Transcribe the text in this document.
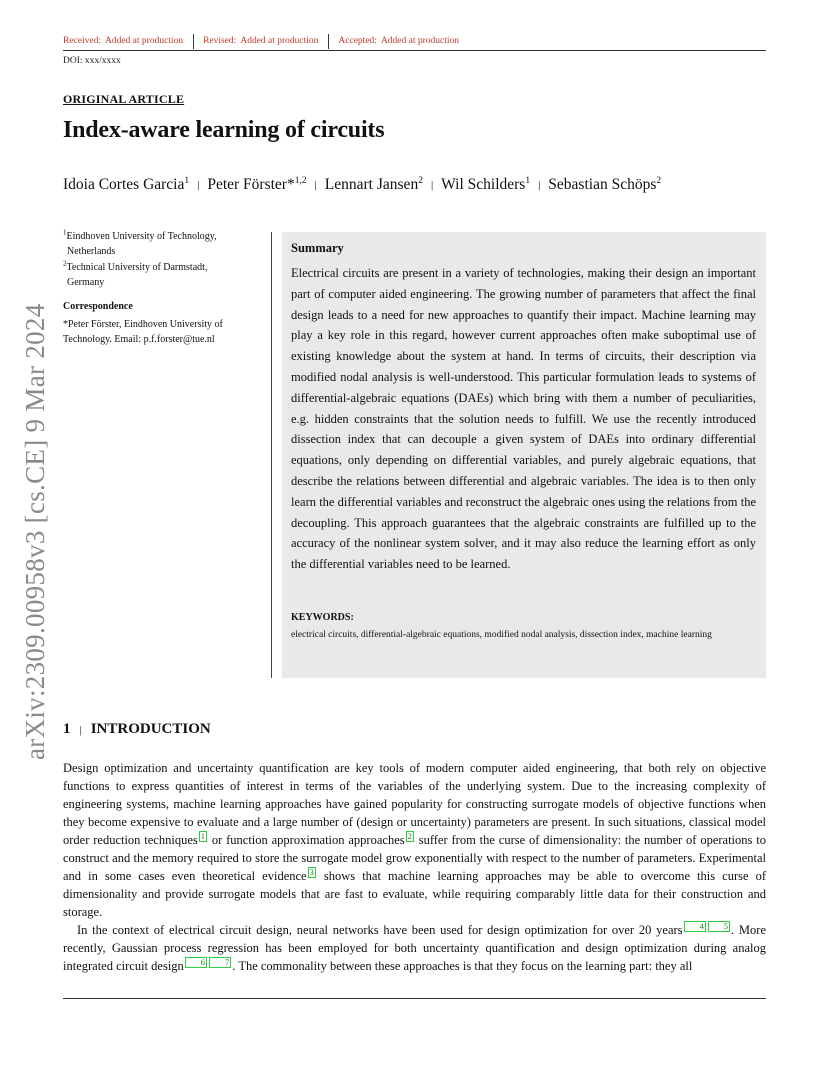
Received: Added at production	Revised: Added at production	Accepted: Added at production
DOI: xxx/xxxx
ORIGINAL ARTICLE
Index-aware learning of circuits
Idoia Cortes Garcia$^1$ | Peter Förster*$^{1,2}$ | Lennart Jansen$^2$ | Wil Schilders$^1$ | Sebastian Schöps$^2$
arXiv:2309.00958v3 [cs.CE] 9 Mar 2024
$^1$Eindhoven University of Technology,
Netherlands
$^2$Technical University of Darmstadt,
Germany
Correspondence
*Peter Förster, Eindhoven University of Technology. Email: p.f.forster@tue.nl
Summary
Electrical circuits are present in a variety of technologies, making their design an important part of computer aided engineering. The growing number of parameters that affect the final design leads to a need for new approaches to quantify their impact. Machine learning may play a key role in this regard, however current approaches often make suboptimal use of existing knowledge about the system at hand. In terms of circuits, their description via modified nodal analysis is well-understood. This particular formulation leads to systems of differential-algebraic equations (DAEs) which bring with them a number of peculiarities, e.g. hidden constraints that the solution needs to fulfill. We use the recently introduced dissection index that can decouple a given system of DAEs into ordinary differential equations, only depending on differential variables, and purely algebraic equations, that describe the relations between differential and algebraic variables. The idea is to then only learn the differential variables and reconstruct the algebraic ones using the relations from the decoupling. This approach guarantees that the algebraic constraints are fulfilled up to the accuracy of the nonlinear system solver, and it may also reduce the learning effort as only the differential variables need to be learned.
KEYWORDS:
electrical circuits, differential-algebraic equations, modified nodal analysis, dissection index, machine learning
1 | INTRODUCTION

Design optimization and uncertainty quantification are key tools of modern computer aided engineering, that both rely on objective functions to express quantities of interest in terms of the variables of the underlying system. Due to the increasing complexity of engineering systems, machine learning approaches have gained popularity for constructing surrogate models of objective functions when they become expensive to evaluate and a large number of (design or uncertainty) parameters are present. In such situations, classical model order reduction techniques 1 or function approximation approaches 2 suffer from the curse of dimensionality: the number of operations to construct and the memory required to store the surrogate model grow exponentially with respect to the number of parameters. Experimental and in some cases even theoretical evidence 3 shows that machine learning approaches may be able to overcome this curse of dimensionality and provide surrogate models that are fast to evaluate, while requiring comparably little data for their construction and storage.

In the context of electrical circuit design, neural networks have been used for design optimization for over 20 years 4 5 . More recently, Gaussian process regression has been employed for both uncertainty quantification and design optimization during analog integrated circuit design 6 7 . The commonality between these approaches is that they focus on the learning part: they all
